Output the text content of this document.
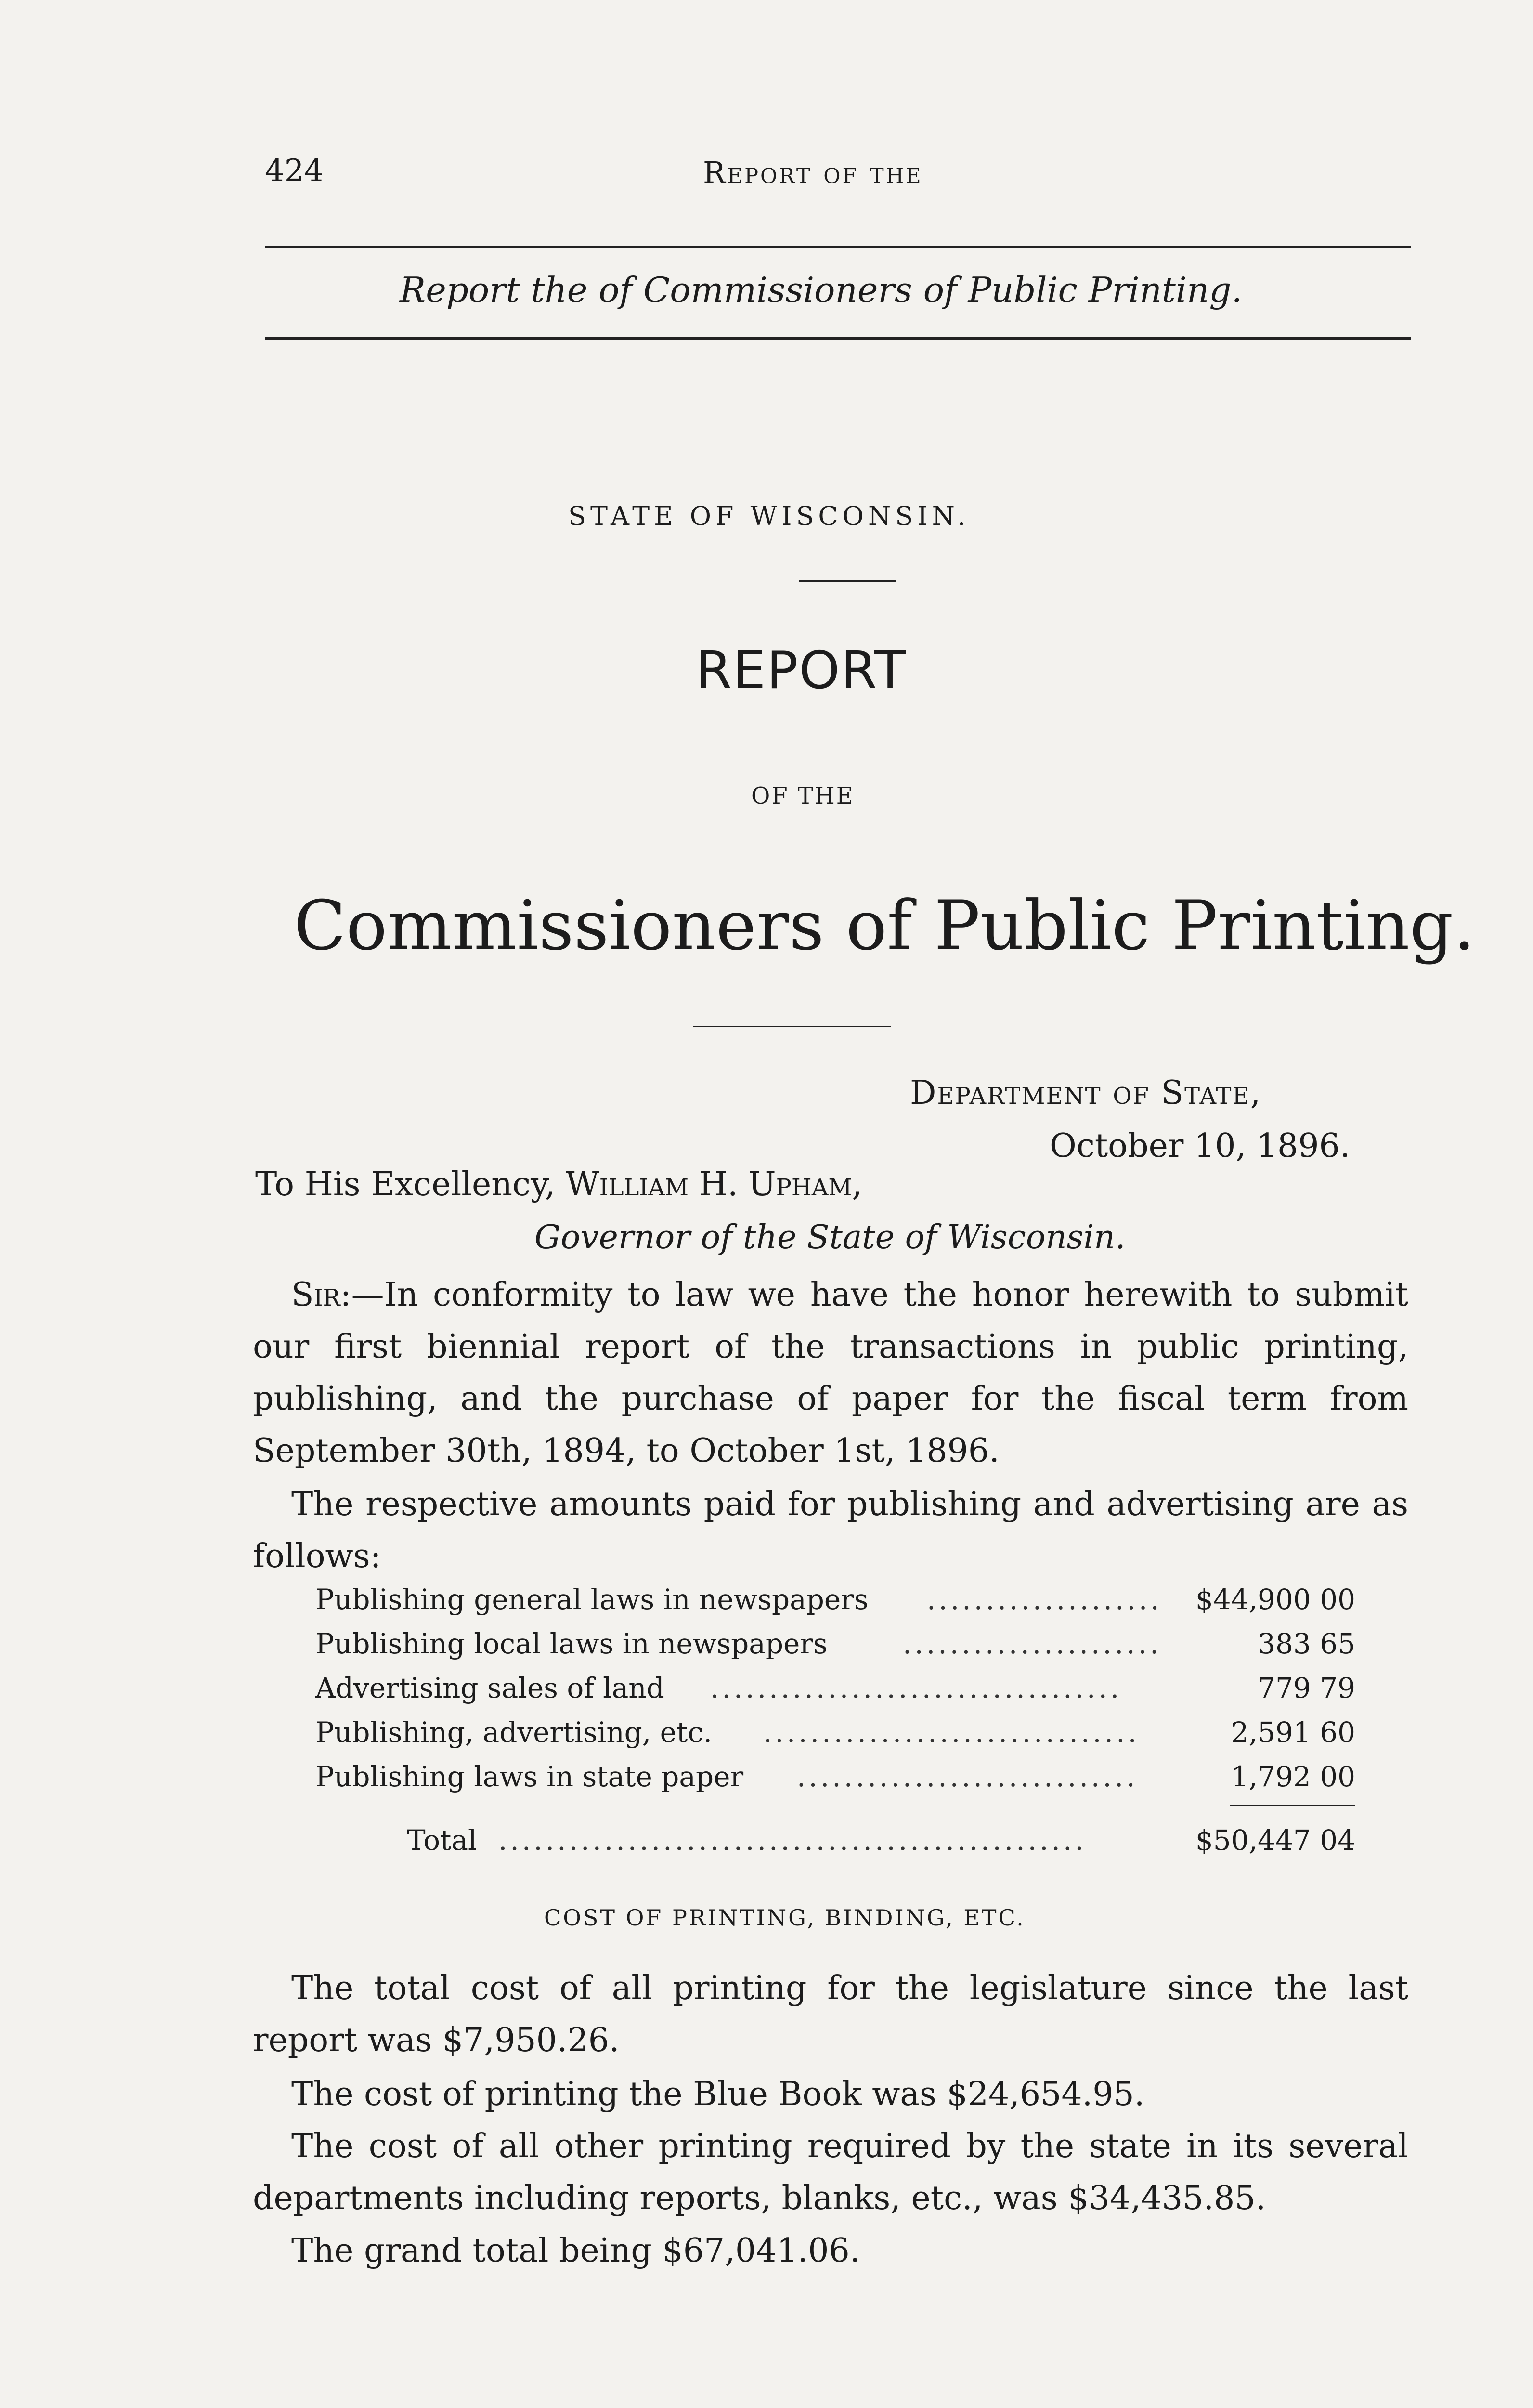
424	Report of the
Report the of Commissioners of Public Printing.
STATE OF WISCONSIN.
REPORT
OF THE
Commissioners of Public Printing.
Department of State,
October 10, 1896.
To His Excellency, William H. Upham,
Governor of the State of Wisconsin.
Sir:—In conformity to law we have the honor herewith to submit our first biennial report of the transactions in public printing, publishing, and the purchase of paper for the fiscal term from September 30th, 1894, to October 1st, 1896.
The respective amounts paid for publishing and advertising are as follows:
Publishing general laws in newspapers ....................	$44,900 00
Publishing local laws in newspapers	......................	383 65
Advertising sales of land ...................................	779 79
Publishing, advertising, etc. ................................	2,591 60
Publishing laws in state paper .............................	1,792 00
Total ..................................................	$50,447 04
COST OF PRINTING, BINDING, ETC.
The total cost of all printing for the legislature since the last report was $7,950.26.
The cost of printing the Blue Book was $24,654.95.
The cost of all other printing required by the state in its several departments including reports, blanks, etc., was $34,435.85.
The grand total being $67,041.06.
